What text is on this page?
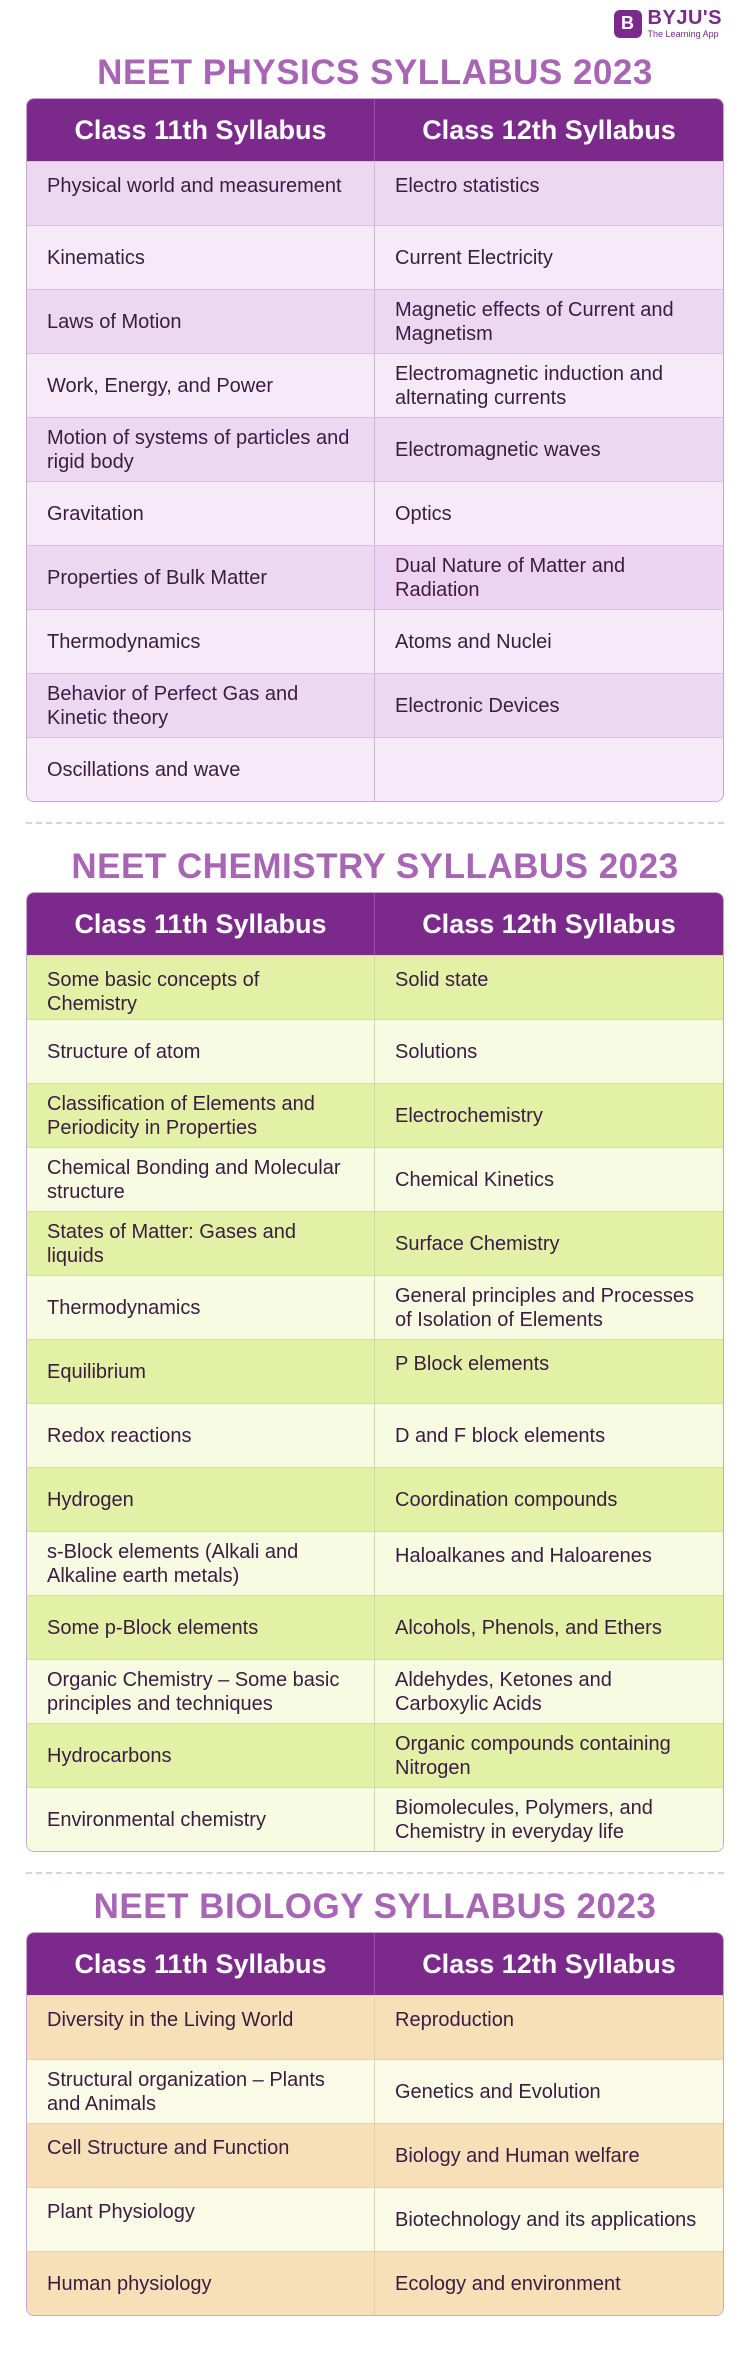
B BYJU'S
The Learning App
NEET PHYSICS SYLLABUS 2023
Class 11th Syllabus	Class 12th Syllabus
Physical world and measurement	Electro statistics
Kinematics	Current Electricity
Laws of Motion	Magnetic effects of Current and Magnetism
Work, Energy, and Power	Electromagnetic induction and alternating currents
Motion of systems of particles and rigid body	Electromagnetic waves
Gravitation	Optics
Properties of Bulk Matter	Dual Nature of Matter and Radiation
Thermodynamics	Atoms and Nuclei
Behavior of Perfect Gas and Kinetic theory	Electronic Devices
Oscillations and wave	
NEET CHEMISTRY SYLLABUS 2023
Class 11th Syllabus	Class 12th Syllabus
Some basic concepts of Chemistry	Solid state
Structure of atom	Solutions
Classification of Elements and Periodicity in Properties	Electrochemistry
Chemical Bonding and Molecular structure	Chemical Kinetics
States of Matter: Gases and liquids	Surface Chemistry
Thermodynamics	General principles and Processes of Isolation of Elements
Equilibrium	P Block elements
Redox reactions	D and F block elements
Hydrogen	Coordination compounds
s-Block elements (Alkali and Alkaline earth metals)	Haloalkanes and Haloarenes
Some p-Block elements	Alcohols, Phenols, and Ethers
Organic Chemistry – Some basic principles and techniques	Aldehydes, Ketones and Carboxylic Acids
Hydrocarbons	Organic compounds containing Nitrogen
Environmental chemistry	Biomolecules, Polymers, and Chemistry in everyday life
NEET BIOLOGY SYLLABUS 2023
Class 11th Syllabus	Class 12th Syllabus
Diversity in the Living World	Reproduction
Structural organization – Plants and Animals	Genetics and Evolution
Cell Structure and Function	Biology and Human welfare
Plant Physiology	Biotechnology and its applications
Human physiology	Ecology and environment
